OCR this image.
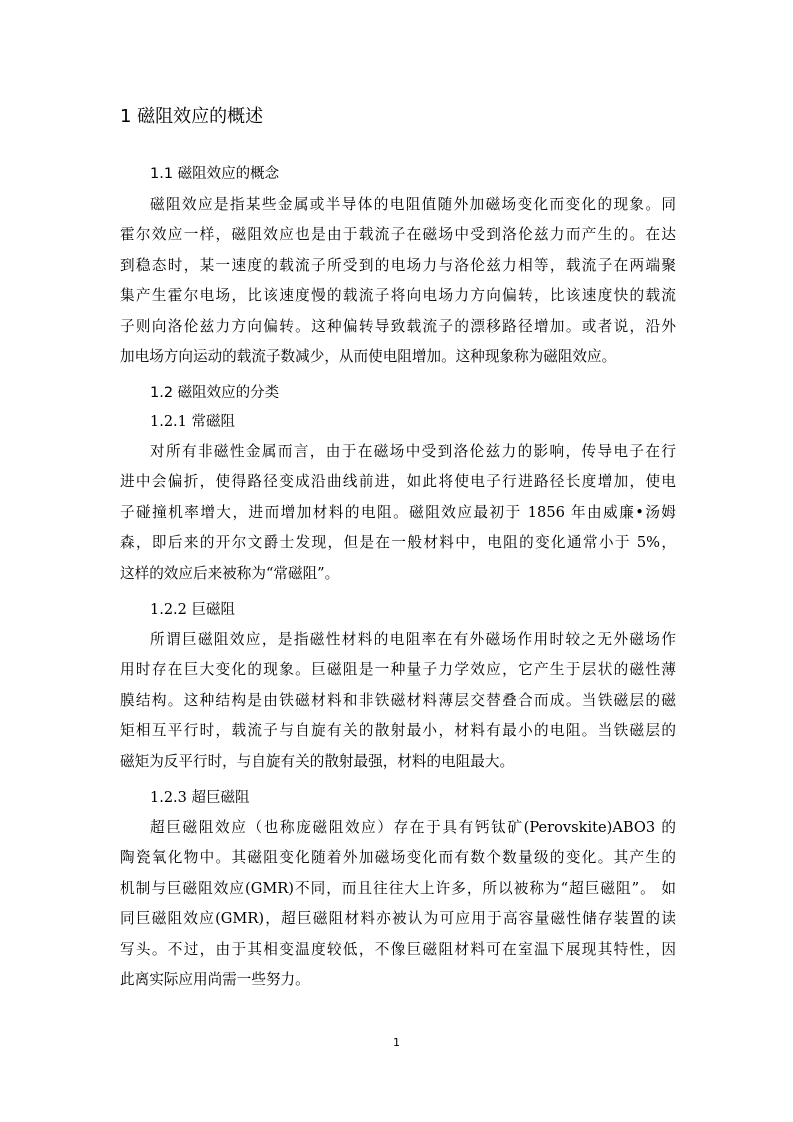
1 磁阻效应的概述
1.1 磁阻效应的概念
磁阻效应是指某些金属或半导体的电阻值随外加磁场变化而变化的现象。同
霍尔效应一样，磁阻效应也是由于载流子在磁场中受到洛伦兹力而产生的。在达
到稳态时，某一速度的载流子所受到的电场力与洛伦兹力相等，载流子在两端聚
集产生霍尔电场，比该速度慢的载流子将向电场力方向偏转，比该速度快的载流
子则向洛伦兹力方向偏转。这种偏转导致载流子的漂移路径增加。或者说，沿外
加电场方向运动的载流子数减少，从而使电阻增加。这种现象称为磁阻效应。
1.2 磁阻效应的分类
1.2.1 常磁阻
对所有非磁性金属而言，由于在磁场中受到洛伦兹力的影响，传导电子在行
进中会偏折，使得路径变成沿曲线前进，如此将使电子行进路径长度增加，使电
子碰撞机率增大，进而增加材料的电阻。磁阻效应最初于 1856 年由威廉•汤姆
森，即后来的开尔文爵士发现，但是在一般材料中，电阻的变化通常小于 5%，
这样的效应后来被称为“常磁阻”。
1.2.2 巨磁阻
所谓巨磁阻效应，是指磁性材料的电阻率在有外磁场作用时较之无外磁场作
用时存在巨大变化的现象。巨磁阻是一种量子力学效应，它产生于层状的磁性薄
膜结构。这种结构是由铁磁材料和非铁磁材料薄层交替叠合而成。当铁磁层的磁
矩相互平行时，载流子与自旋有关的散射最小，材料有最小的电阻。当铁磁层的
磁矩为反平行时，与自旋有关的散射最强，材料的电阻最大。
1.2.3 超巨磁阻
超巨磁阻效应（也称庞磁阻效应）存在于具有钙钛矿(Perovskite)ABO3 的
陶瓷氧化物中。其磁阻变化随着外加磁场变化而有数个数量级的变化。其产生的
机制与巨磁阻效应(GMR)不同，而且往往大上许多，所以被称为“超巨磁阻”。 如
同巨磁阻效应(GMR)，超巨磁阻材料亦被认为可应用于高容量磁性储存装置的读
写头。不过，由于其相变温度较低，不像巨磁阻材料可在室温下展现其特性，因
此离实际应用尚需一些努力。
1
